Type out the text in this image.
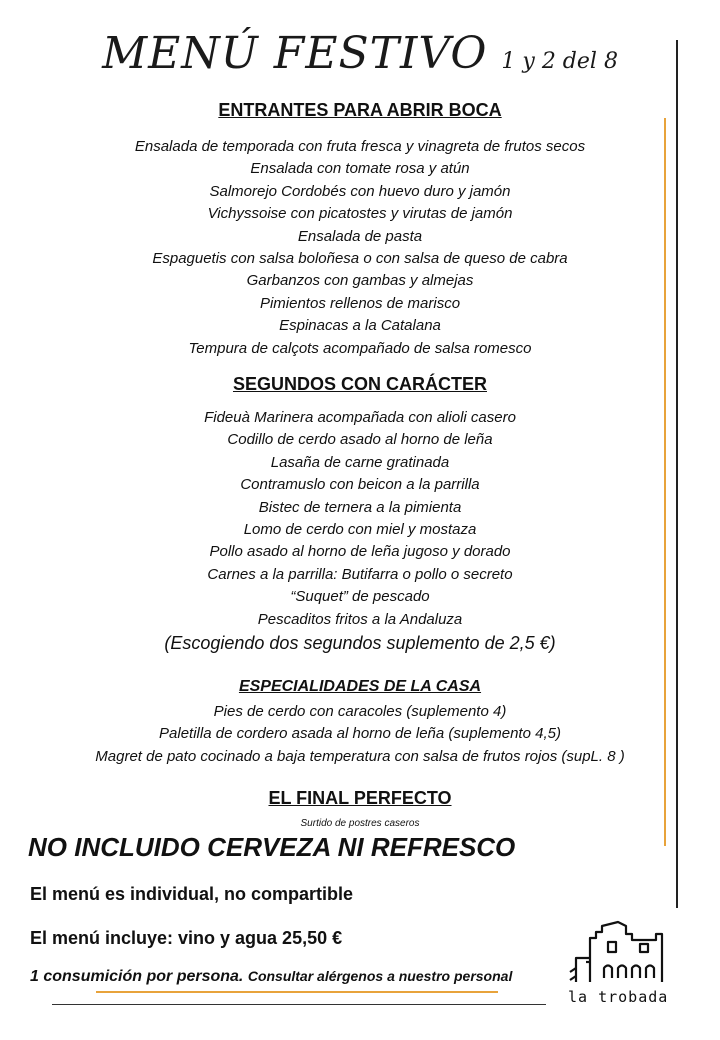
MENÚ FESTIVO 1 y 2 del 8
ENTRANTES PARA ABRIR BOCA
Ensalada de temporada con fruta fresca y vinagreta de frutos secos
Ensalada con tomate rosa y atún
Salmorejo Cordobés con huevo duro y jamón
Vichyssoise con picatostes y virutas de jamón
Ensalada de pasta
Espaguetis con salsa boloñesa o con salsa de queso de cabra
Garbanzos con gambas y almejas
Pimientos rellenos de marisco
Espinacas a la Catalana
Tempura de calçots acompañado de salsa romesco
SEGUNDOS CON CARÁCTER
Fideuà Marinera acompañada con alioli casero
Codillo de cerdo asado al horno de leña
Lasaña de carne gratinada
Contramuslo con beicon a la parrilla
Bistec de ternera a la pimienta
Lomo de cerdo con miel y mostaza
Pollo asado al horno de leña jugoso y dorado
Carnes a la parrilla: Butifarra o pollo o secreto
“Suquet” de pescado
Pescaditos fritos a la Andaluza
(Escogiendo dos segundos suplemento de 2,5 €)
ESPECIALIDADES DE LA CASA
Pies de cerdo con caracoles (suplemento 4)
Paletilla de cordero asada al horno de leña (suplemento 4,5)
Magret de pato cocinado a baja temperatura con salsa de frutos rojos (supL. 8 )
EL FINAL PERFECTO
Surtido de postres caseros
NO INCLUIDO CERVEZA NI REFRESCO
El menú es individual, no compartible
El menú incluye: vino y agua 25,50 €
1 consumición por persona. Consultar alérgenos a nuestro personal
la trobada
